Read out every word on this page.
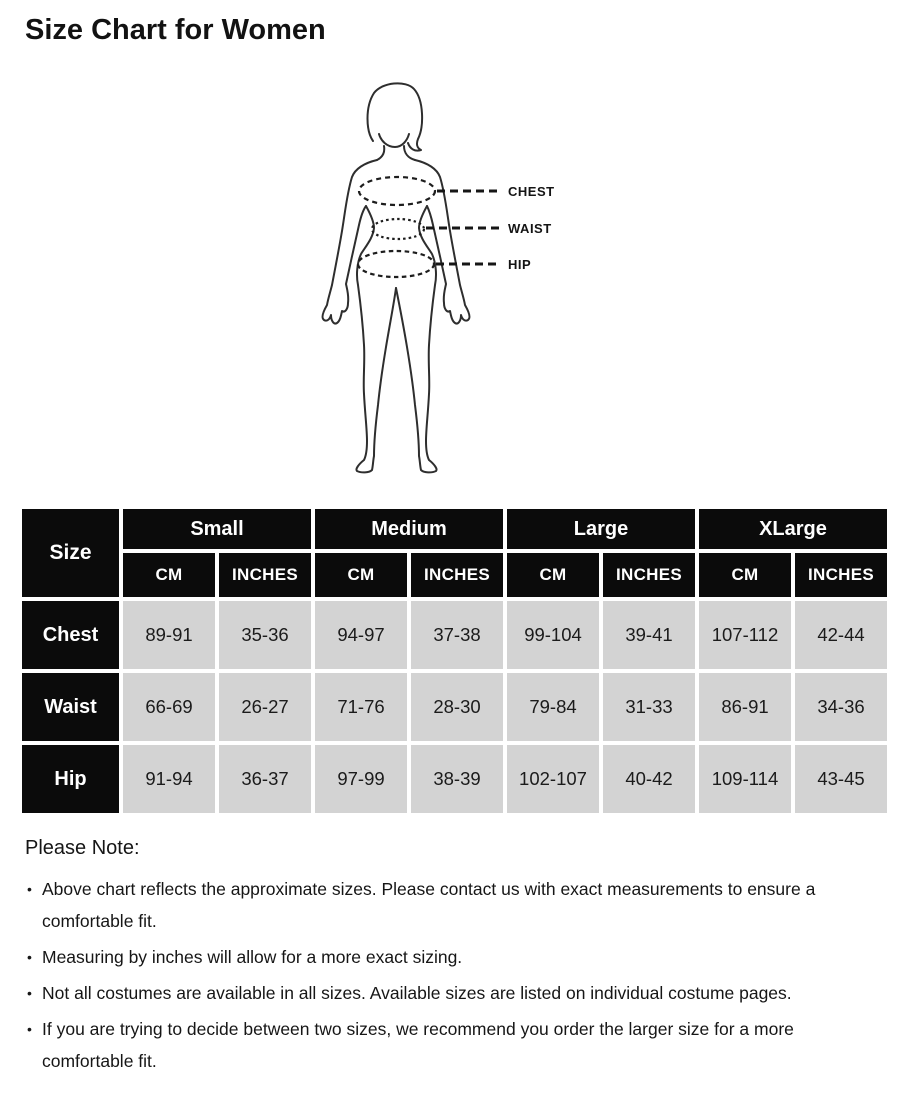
Size Chart for Women
CHEST
WAIST
HIP
Size	Small		Medium		Large		XLarge	
	CM	INCHES	CM	INCHES	CM	INCHES	CM	INCHES
Chest	89-91	35-36	94-97	37-38	99-104	39-41	107-112	42-44
Waist	66-69	26-27	71-76	28-30	79-84	31-33	86-91	34-36
Hip	91-94	36-37	97-99	38-39	102-107	40-42	109-114	43-45

Please Note:

• Above chart reflects the approximate sizes. Please contact us with exact measurements to ensure a comfortable fit.
• Measuring by inches will allow for a more exact sizing.
• Not all costumes are available in all sizes. Available sizes are listed on individual costume pages.
• If you are trying to decide between two sizes, we recommend you order the larger size for a more comfortable fit.
